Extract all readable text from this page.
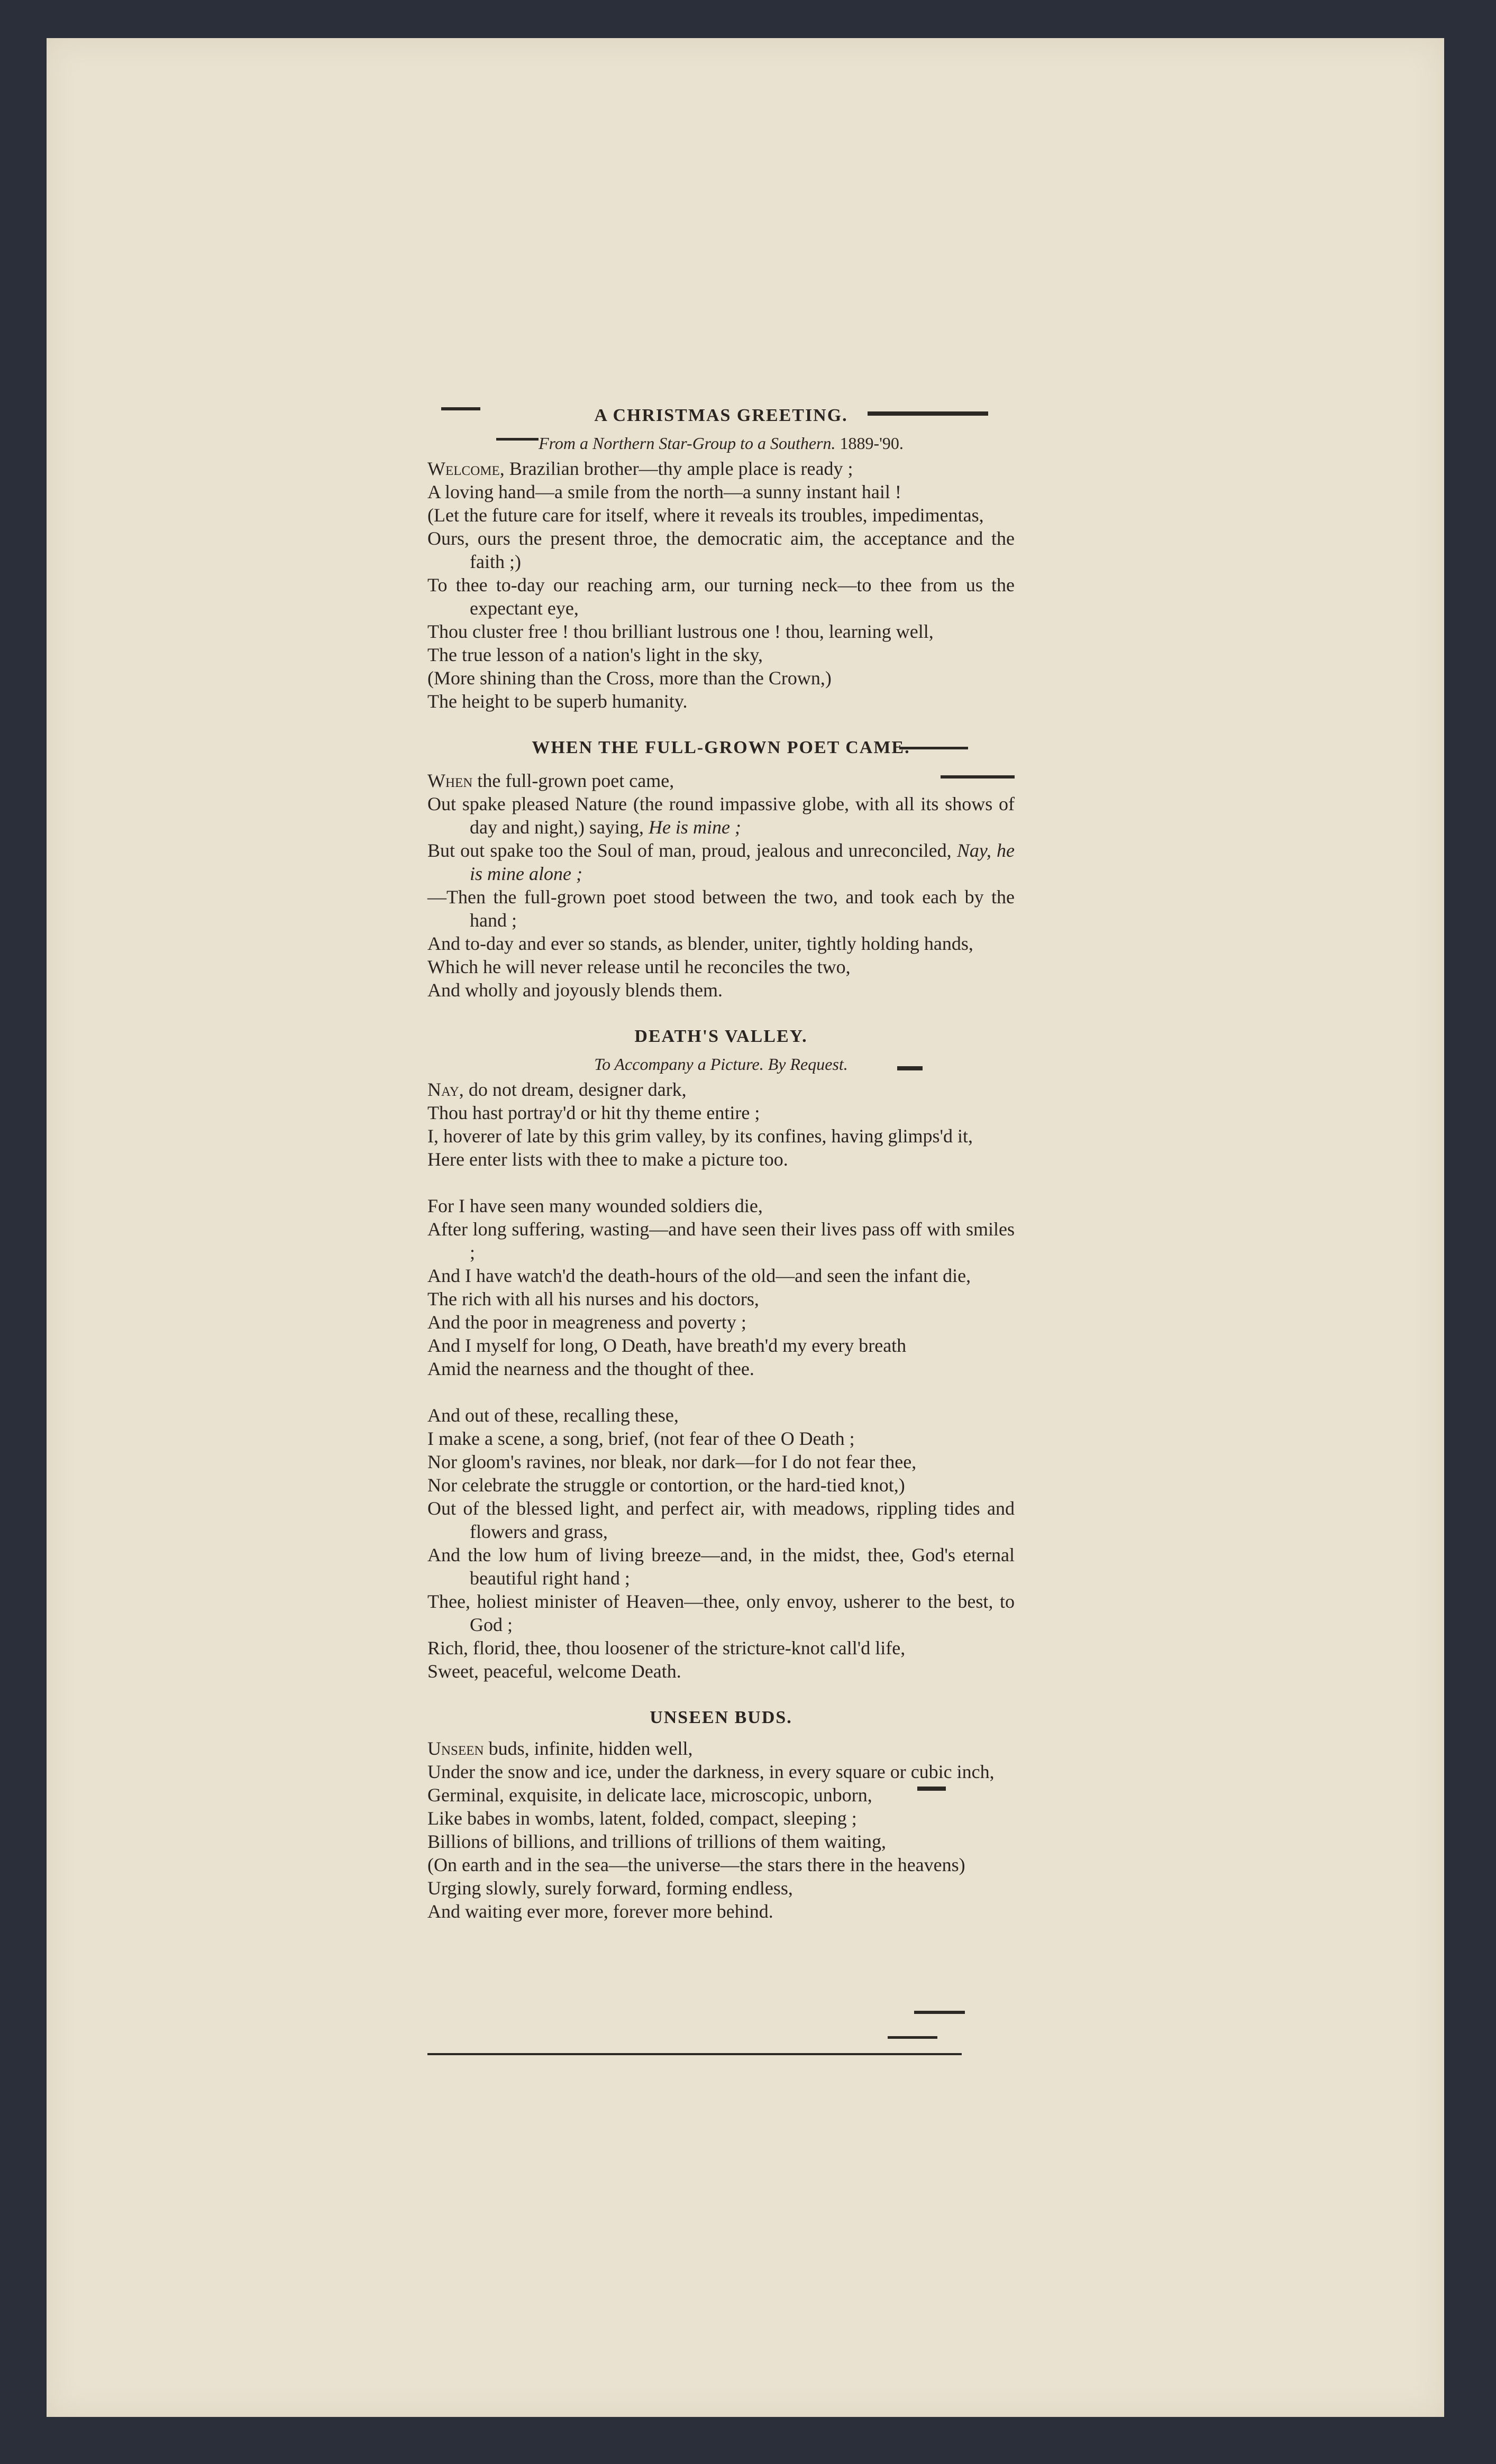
A CHRISTMAS GREETING.

From a Northern Star-Group to a Southern. 1889-'90.

Welcome, Brazilian brother—thy ample place is ready ;

A loving hand—a smile from the north—a sunny instant hail !

(Let the future care for itself, where it reveals its troubles, impedimentas,

Ours, ours the present throe, the democratic aim, the acceptance and the faith ;)

To thee to-day our reaching arm, our turning neck—to thee from us the expectant eye,

Thou cluster free ! thou brilliant lustrous one ! thou, learning well,

The true lesson of a nation's light in the sky,

(More shining than the Cross, more than the Crown,)

The height to be superb humanity.

WHEN THE FULL-GROWN POET CAME.

When the full-grown poet came,

Out spake pleased Nature (the round impassive globe, with all its shows of day and night,) saying, He is mine ;

But out spake too the Soul of man, proud, jealous and unreconciled, Nay, he is mine alone ;

—Then the full-grown poet stood between the two, and took each by the hand ;

And to-day and ever so stands, as blender, uniter, tightly holding hands,

Which he will never release until he reconciles the two,

And wholly and joyously blends them.

DEATH'S VALLEY.

To Accompany a Picture. By Request.

Nay, do not dream, designer dark,

Thou hast portray'd or hit thy theme entire ;

I, hoverer of late by this grim valley, by its confines, having glimps'd it,

Here enter lists with thee to make a picture too.

For I have seen many wounded soldiers die,

After long suffering, wasting—and have seen their lives pass off with smiles ;

And I have watch'd the death-hours of the old—and seen the infant die,

The rich with all his nurses and his doctors,

And the poor in meagreness and poverty ;

And I myself for long, O Death, have breath'd my every breath

Amid the nearness and the thought of thee.

And out of these, recalling these,

I make a scene, a song, brief, (not fear of thee O Death ;

Nor gloom's ravines, nor bleak, nor dark—for I do not fear thee,

Nor celebrate the struggle or contortion, or the hard-tied knot,)

Out of the blessed light, and perfect air, with meadows, rippling tides and flowers and grass,

And the low hum of living breeze—and, in the midst, thee, God's eternal beautiful right hand ;

Thee, holiest minister of Heaven—thee, only envoy, usherer to the best, to God ;

Rich, florid, thee, thou loosener of the stricture-knot call'd life,

Sweet, peaceful, welcome Death.

UNSEEN BUDS.

Unseen buds, infinite, hidden well,

Under the snow and ice, under the darkness, in every square or cubic inch,

Germinal, exquisite, in delicate lace, microscopic, unborn,

Like babes in wombs, latent, folded, compact, sleeping ;

Billions of billions, and trillions of trillions of them waiting,

(On earth and in the sea—the universe—the stars there in the heavens)

Urging slowly, surely forward, forming endless,

And waiting ever more, forever more behind.
